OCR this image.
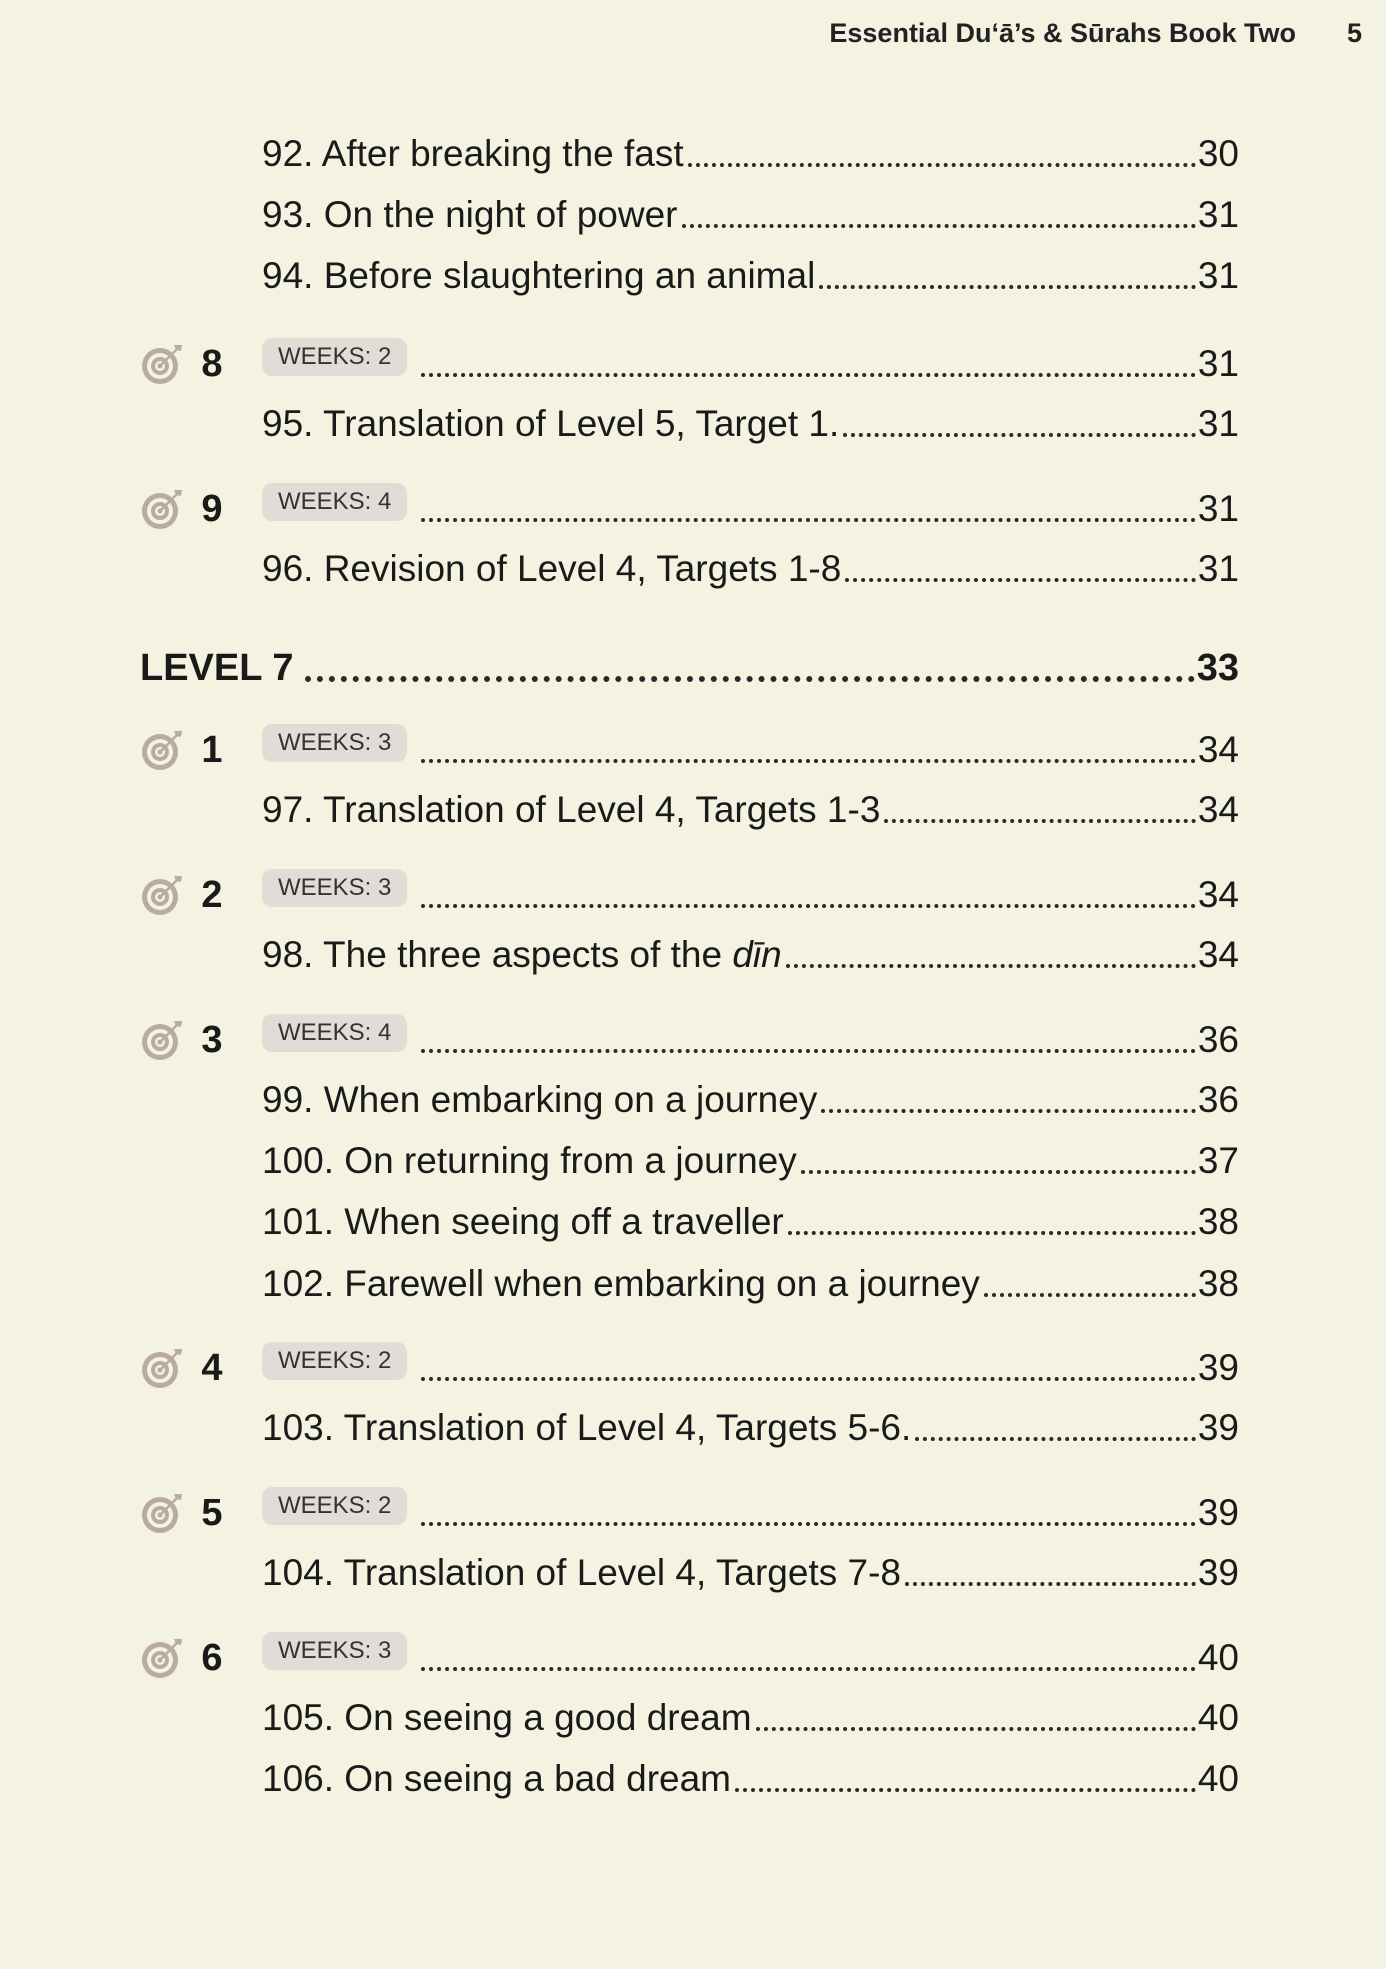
Essential Du‘ā’s & Sūrahs Book Two 5
92. After breaking the fast	30
93. On the night of power	31
94. Before slaughtering an animal	31
8	WEEKS: 2	31
95. Translation of Level 5, Target 1.	31
9	WEEKS: 4	31
96. Revision of Level 4, Targets 1-8	31
LEVEL 7	33
1	WEEKS: 3	34
97. Translation of Level 4, Targets 1-3	34
2	WEEKS: 3	34
98. The three aspects of the dīn	34
3	WEEKS: 4	36
99. When embarking on a journey	36
100. On returning from a journey	37
101. When seeing off a traveller	38
102. Farewell when embarking on a journey	38
4	WEEKS: 2	39
103. Translation of Level 4, Targets 5-6.	39
5	WEEKS: 2	39
104. Translation of Level 4, Targets 7-8	39
6	WEEKS: 3	40
105. On seeing a good dream	40
106. On seeing a bad dream	40
